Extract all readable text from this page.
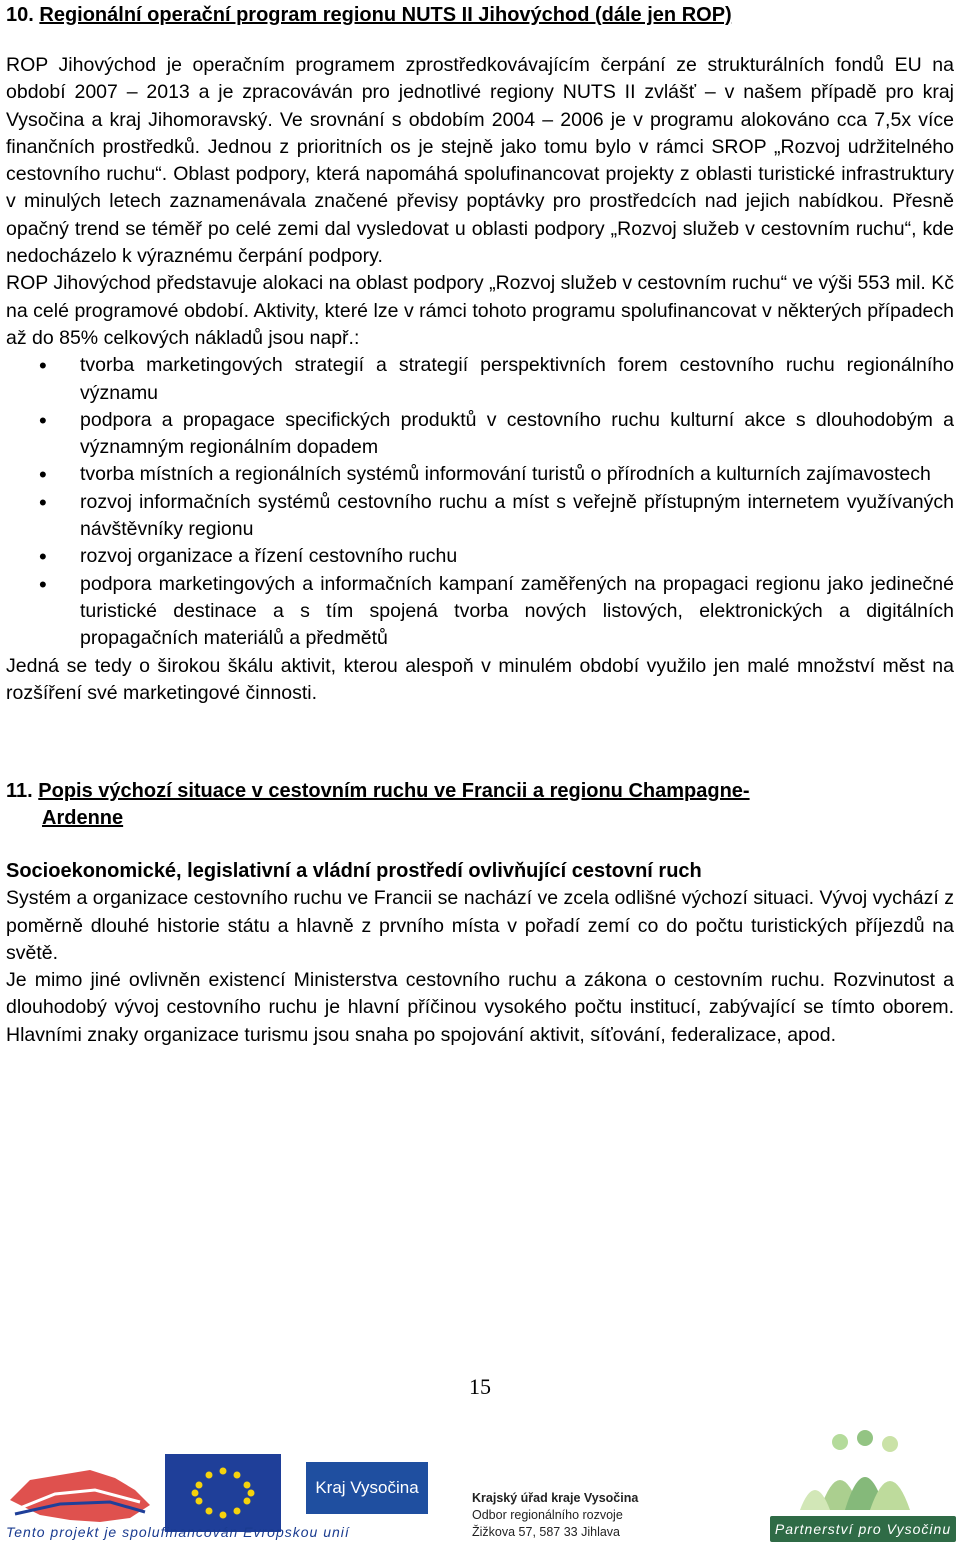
10. Regionální operační program regionu NUTS II Jihovýchod (dále jen ROP)

ROP Jihovýchod je operačním programem zprostředkovávajícím čerpání ze strukturálních fondů EU na období 2007 – 2013 a je zpracováván pro jednotlivé regiony NUTS II zvlášť – v našem případě pro kraj Vysočina a kraj Jihomoravský. Ve srovnání s obdobím 2004 – 2006 je v programu alokováno cca 7,5x více finančních prostředků. Jednou z prioritních os je stejně jako tomu bylo v rámci SROP „Rozvoj udržitelného cestovního ruchu“. Oblast podpory, která napomáhá spolufinancovat projekty z oblasti turistické infrastruktury v minulých letech zaznamenávala značené převisy poptávky pro prostředcích nad jejich nabídkou. Přesně opačný trend se téměř po celé zemi dal vysledovat u oblasti podpory „Rozvoj služeb v cestovním ruchu“, kde nedocházelo k výraznému čerpání podpory.

ROP Jihovýchod představuje alokaci na oblast podpory „Rozvoj služeb v cestovním ruchu“ ve výši 553 mil. Kč na celé programové období. Aktivity, které lze v rámci tohoto programu spolufinancovat v některých případech až do 85% celkových nákladů jsou např.:

• tvorba marketingových strategií a strategií perspektivních forem cestovního ruchu regionálního významu
• podpora a propagace specifických produktů v cestovního ruchu kulturní akce s dlouhodobým a významným regionálním dopadem
• tvorba místních a regionálních systémů informování turistů o přírodních a kulturních zajímavostech
• rozvoj informačních systémů cestovního ruchu a míst s veřejně přístupným internetem využívaných návštěvníky regionu
• rozvoj organizace a řízení cestovního ruchu
• podpora marketingových a informačních kampaní zaměřených na propagaci regionu jako jedinečné turistické destinace a s tím spojená tvorba nových listových, elektronických a digitálních propagačních materiálů a předmětů

Jedná se tedy o širokou škálu aktivit, kterou alespoň v minulém období využilo jen malé množství měst na rozšíření své marketingové činnosti.

11. Popis výchozí situace v cestovním ruchu ve Francii a regionu Champagne-
Ardenne

Socioekonomické, legislativní a vládní prostředí ovlivňující cestovní ruch

Systém a organizace cestovního ruchu ve Francii se nachází ve zcela odlišné výchozí situaci. Vývoj vychází z poměrně dlouhé historie státu a hlavně z prvního místa v pořadí zemí co do počtu turistických příjezdů na světě.

Je mimo jiné ovlivněn existencí Ministerstva cestovního ruchu a zákona o cestovním ruchu. Rozvinutost a dlouhodobý vývoj cestovního ruchu je hlavní příčinou vysokého počtu institucí, zabývající se tímto oborem. Hlavními znaky organizace turismu jsou snaha po spojování aktivit, síťování, federalizace, apod.

15
Kraj Vysočina
Krajský úřad kraje Vysočina
Odbor regionálního rozvoje
Žižkova 57, 587 33 Jihlava
Tento projekt je spolufinancován Evropskou unií	Partnerství pro Vysočinu
